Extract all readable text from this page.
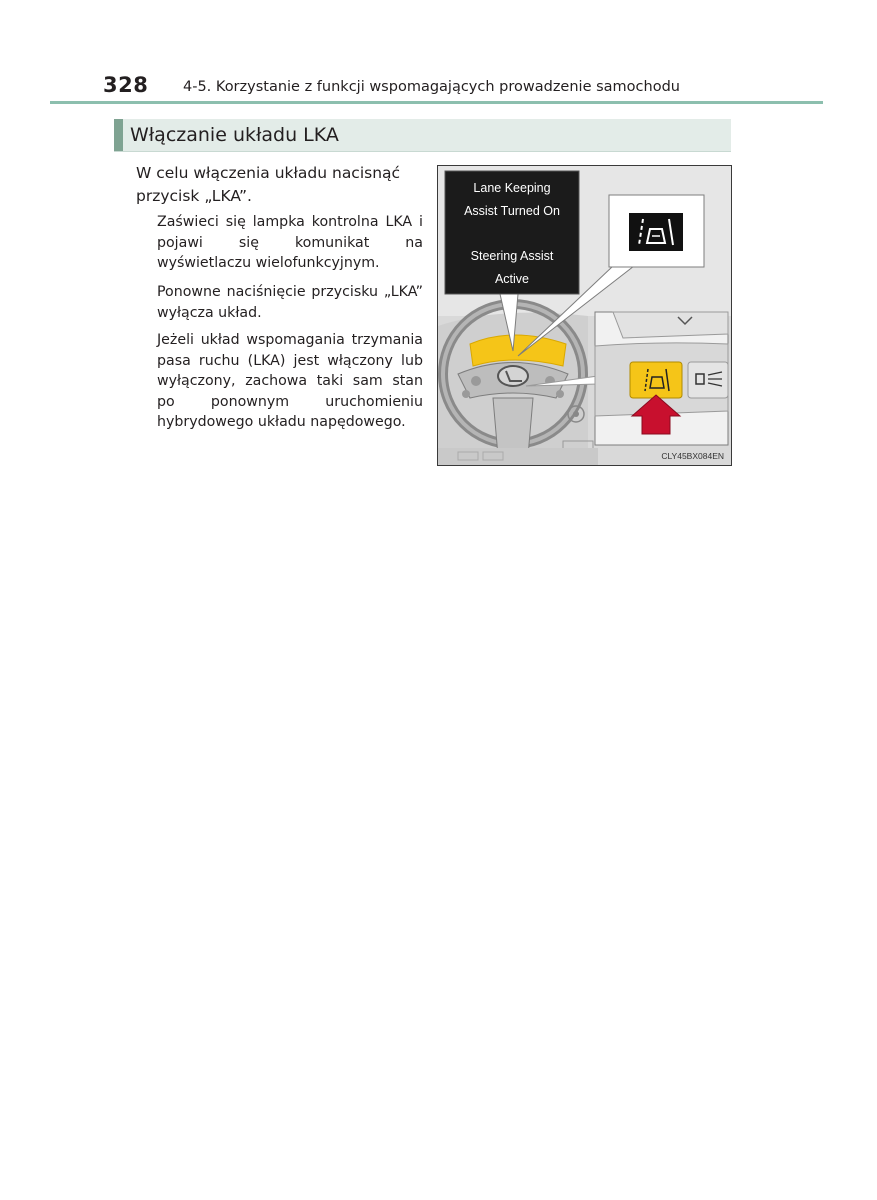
328 4-5. Korzystanie z funkcji wspomagających prowadzenie samochodu
Włączanie układu LKA
W celu włączenia układu nacisnąć
przycisk „LKA”.
Zaświeci się lampka kontrolna LKA i pojawi się komunikat na wyświetlaczu wielofunkcyjnym.
Ponowne naciśnięcie przycisku „LKA” wyłącza układ.
Jeżeli układ wspomagania trzymania pasa ruchu (LKA) jest włączony lub wyłączony, zachowa taki sam stan po ponownym uruchomieniu hybrydowego układu napędowego.
Lane Keeping
Assist Turned On
Steering Assist
Active
CLY45BX084EN
